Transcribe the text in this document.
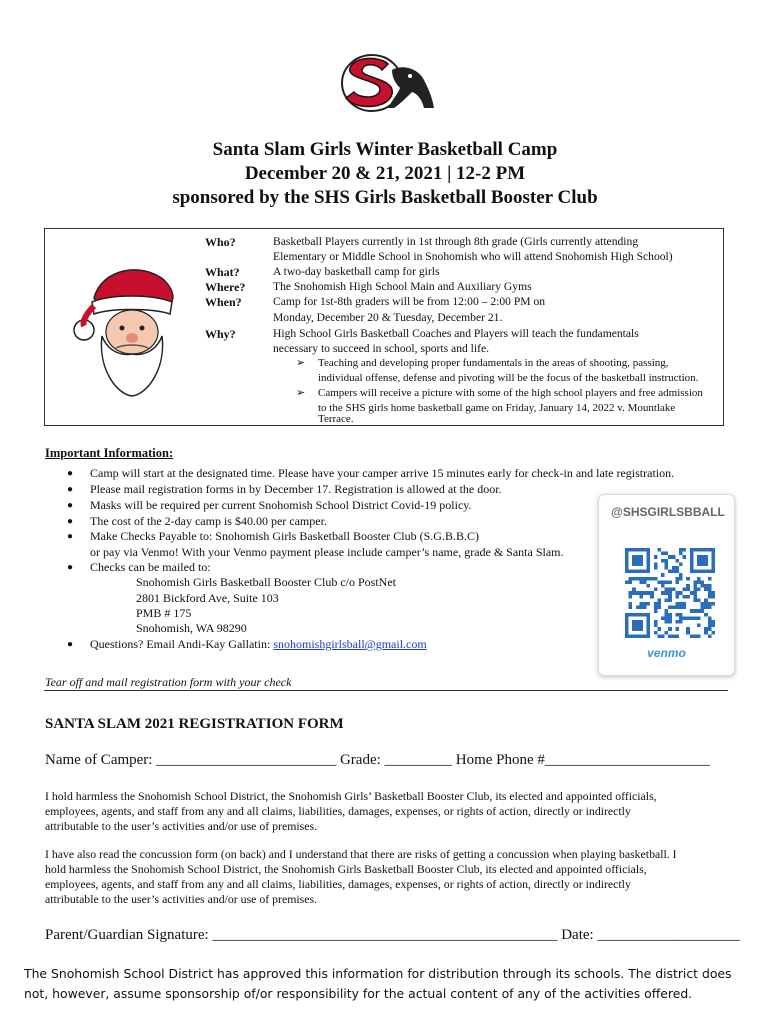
Santa Slam Girls Winter Basketball Camp
December 20 & 21, 2021 | 12-2 PM
sponsored by the SHS Girls Basketball Booster Club
Who?	Basketball Players currently in 1st through 8th grade (Girls currently attending
Elementary or Middle School in Snohomish who will attend Snohomish High School)
What?	A two-day basketball camp for girls
Where? The Snohomish High School Main and Auxiliary Gyms
When?	Camp for 1st-8th graders will be from 12:00 – 2:00 PM on
Monday, December 20 & Tuesday, December 21.
Why?	High School Girls Basketball Coaches and Players will teach the fundamentals
necessary to succeed in school, sports and life.
➢ Teaching and developing proper fundamentals in the areas of shooting, passing,
individual offense, defense and pivoting will be the focus of the basketball instruction.
➢ Campers will receive a picture with some of the high school players and free admission
to the SHS girls home basketball game on Friday, January 14, 2022 v. Mountlake
Terrace.
Important Information:
● Camp will start at the designated time. Please have your camper arrive 15 minutes early for check-in and late registration.
● Please mail registration forms in by December 17. Registration is allowed at the door.
● Masks will be required per current Snohomish School District Covid-19 policy.
● The cost of the 2-day camp is $40.00 per camper.
● Make Checks Payable to: Snohomish Girls Basketball Booster Club (S.G.B.B.C)
or pay via Venmo! With your Venmo payment please include camper’s name, grade & Santa Slam.
● Checks can be mailed to:
Snohomish Girls Basketball Booster Club c/o PostNet
2801 Bickford Ave, Suite 103
PMB # 175
Snohomish, WA 98290
● Questions? Email Andi-Kay Gallatin: snohomishgirlsball@gmail.com
@SHSGIRLSBBALL
venmo
Tear off and mail registration form with your check
SANTA SLAM 2021 REGISTRATION FORM
Name of Camper: ________________________ Grade: _________ Home Phone #______________________
I hold harmless the Snohomish School District, the Snohomish Girls’ Basketball Booster Club, its elected and appointed officials,
employees, agents, and staff from any and all claims, liabilities, damages, expenses, or rights of action, directly or indirectly
attributable to the user’s activities and/or use of premises.
I have also read the concussion form (on back) and I understand that there are risks of getting a concussion when playing basketball. I
hold harmless the Snohomish School District, the Snohomish Girls Basketball Booster Club, its elected and appointed officials,
employees, agents, and staff from any and all claims, liabilities, damages, expenses, or rights of action, directly or indirectly
attributable to the user’s activities and/or use of premises.
Parent/Guardian Signature: ______________________________________________ Date: ___________________
The Snohomish School District has approved this information for distribution through its schools. The district does
not, however, assume sponsorship of/or responsibility for the actual content of any of the activities offered.
